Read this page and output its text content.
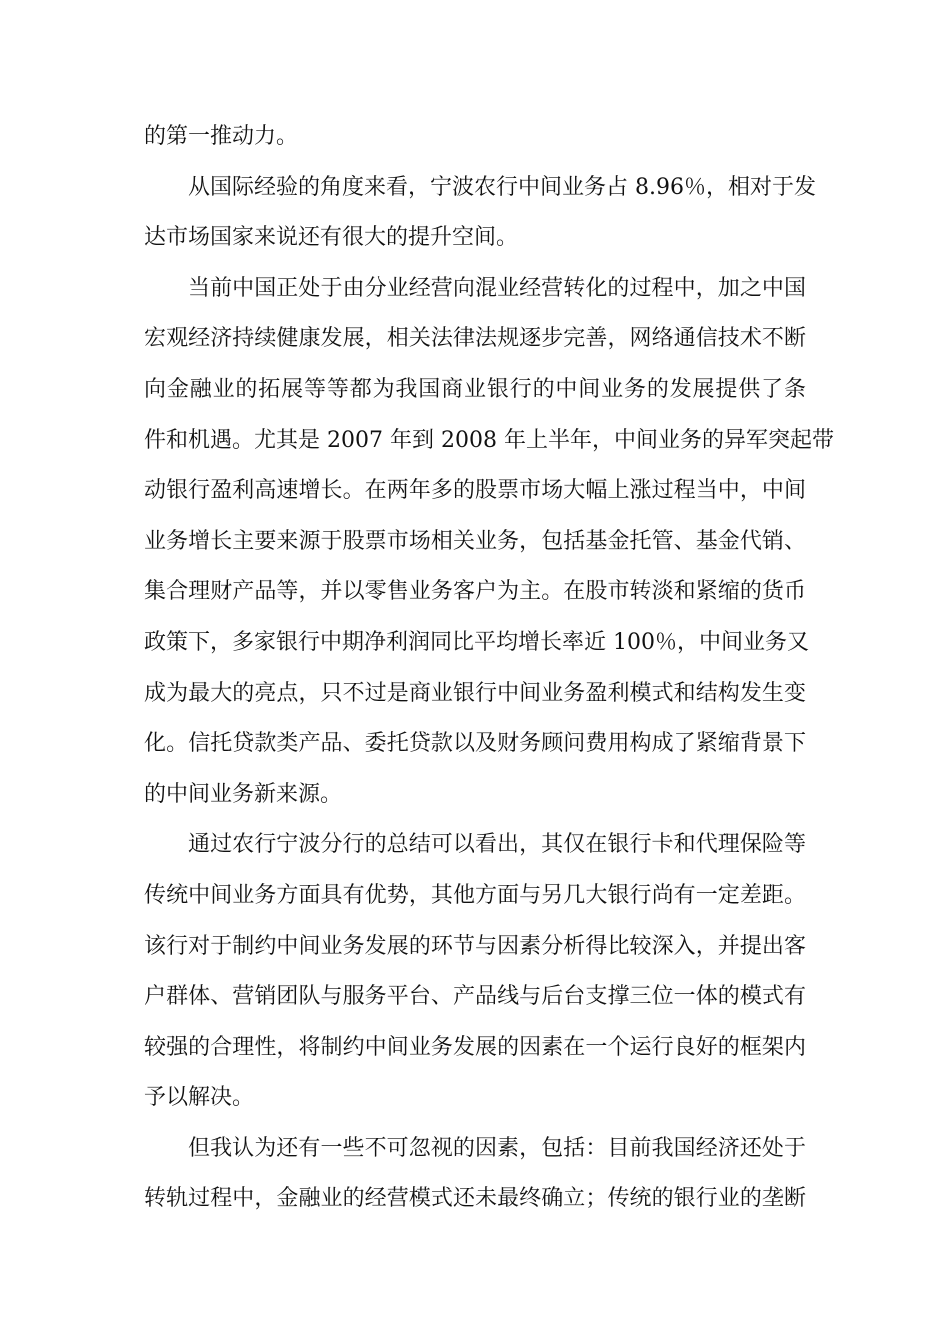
的第一推动力。
从国际经验的角度来看，宁波农行中间业务占 8.96％，相对于发
达市场国家来说还有很大的提升空间。
当前中国正处于由分业经营向混业经营转化的过程中，加之中国
宏观经济持续健康发展，相关法律法规逐步完善，网络通信技术不断
向金融业的拓展等等都为我国商业银行的中间业务的发展提供了条
件和机遇。尤其是 2007 年到 2008 年上半年，中间业务的异军突起带
动银行盈利高速增长。在两年多的股票市场大幅上涨过程当中，中间
业务增长主要来源于股票市场相关业务，包括基金托管、基金代销、
集合理财产品等，并以零售业务客户为主。在股市转淡和紧缩的货币
政策下，多家银行中期净利润同比平均增长率近 100％，中间业务又
成为最大的亮点，只不过是商业银行中间业务盈利模式和结构发生变
化。信托贷款类产品、委托贷款以及财务顾问费用构成了紧缩背景下
的中间业务新来源。
通过农行宁波分行的总结可以看出，其仅在银行卡和代理保险等
传统中间业务方面具有优势，其他方面与另几大银行尚有一定差距。
该行对于制约中间业务发展的环节与因素分析得比较深入，并提出客
户群体、营销团队与服务平台、产品线与后台支撑三位一体的模式有
较强的合理性，将制约中间业务发展的因素在一个运行良好的框架内
予以解决。
但我认为还有一些不可忽视的因素，包括：目前我国经济还处于
转轨过程中，金融业的经营模式还未最终确立；传统的银行业的垄断
